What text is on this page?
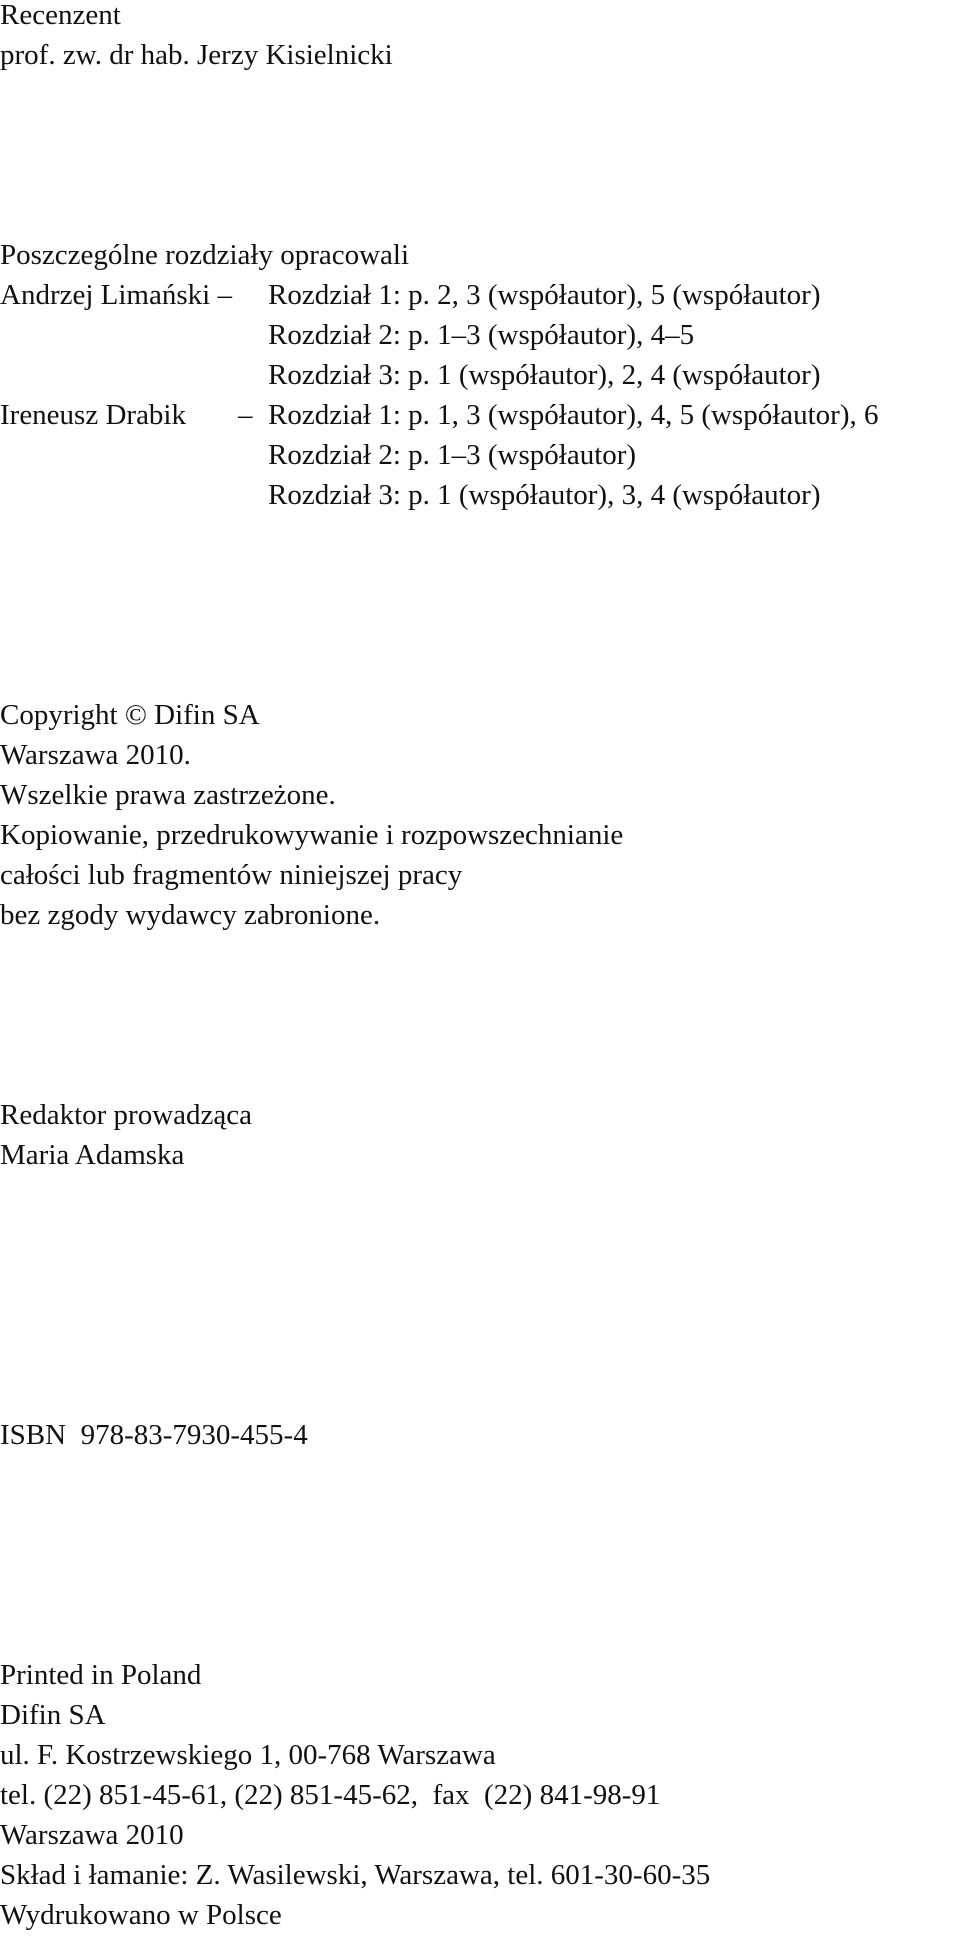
Recenzent

prof. zw. dr hab. Jerzy Kisielnicki

Poszczególne rozdziały opracowali

Andrzej Limański – Rozdział 1: p. 2, 3 (współautor), 5 (współautor)

Rozdział 2: p. 1–3 (współautor), 4–5

Rozdział 3: p. 1 (współautor), 2, 4 (współautor)

Ireneusz Drabik – Rozdział 1: p. 1, 3 (współautor), 4, 5 (współautor), 6

Rozdział 2: p. 1–3 (współautor)

Rozdział 3: p. 1 (współautor), 3, 4 (współautor)

Copyright © Difin SA

Warszawa 2010.

Wszelkie prawa zastrzeżone.

Kopiowanie, przedrukowywanie i rozpowszechnianie

całości lub fragmentów niniejszej pracy

bez zgody wydawcy zabronione.

Redaktor prowadząca

Maria Adamska

ISBN  978-83-7930-455-4

Printed in Poland

Difin SA

ul. F. Kostrzewskiego 1, 00-768 Warszawa

tel. (22) 851-45-61, (22) 851-45-62,  fax  (22) 841-98-91

Warszawa 2010

Skład i łamanie: Z. Wasilewski, Warszawa, tel. 601-30-60-35

Wydrukowano w Polsce
